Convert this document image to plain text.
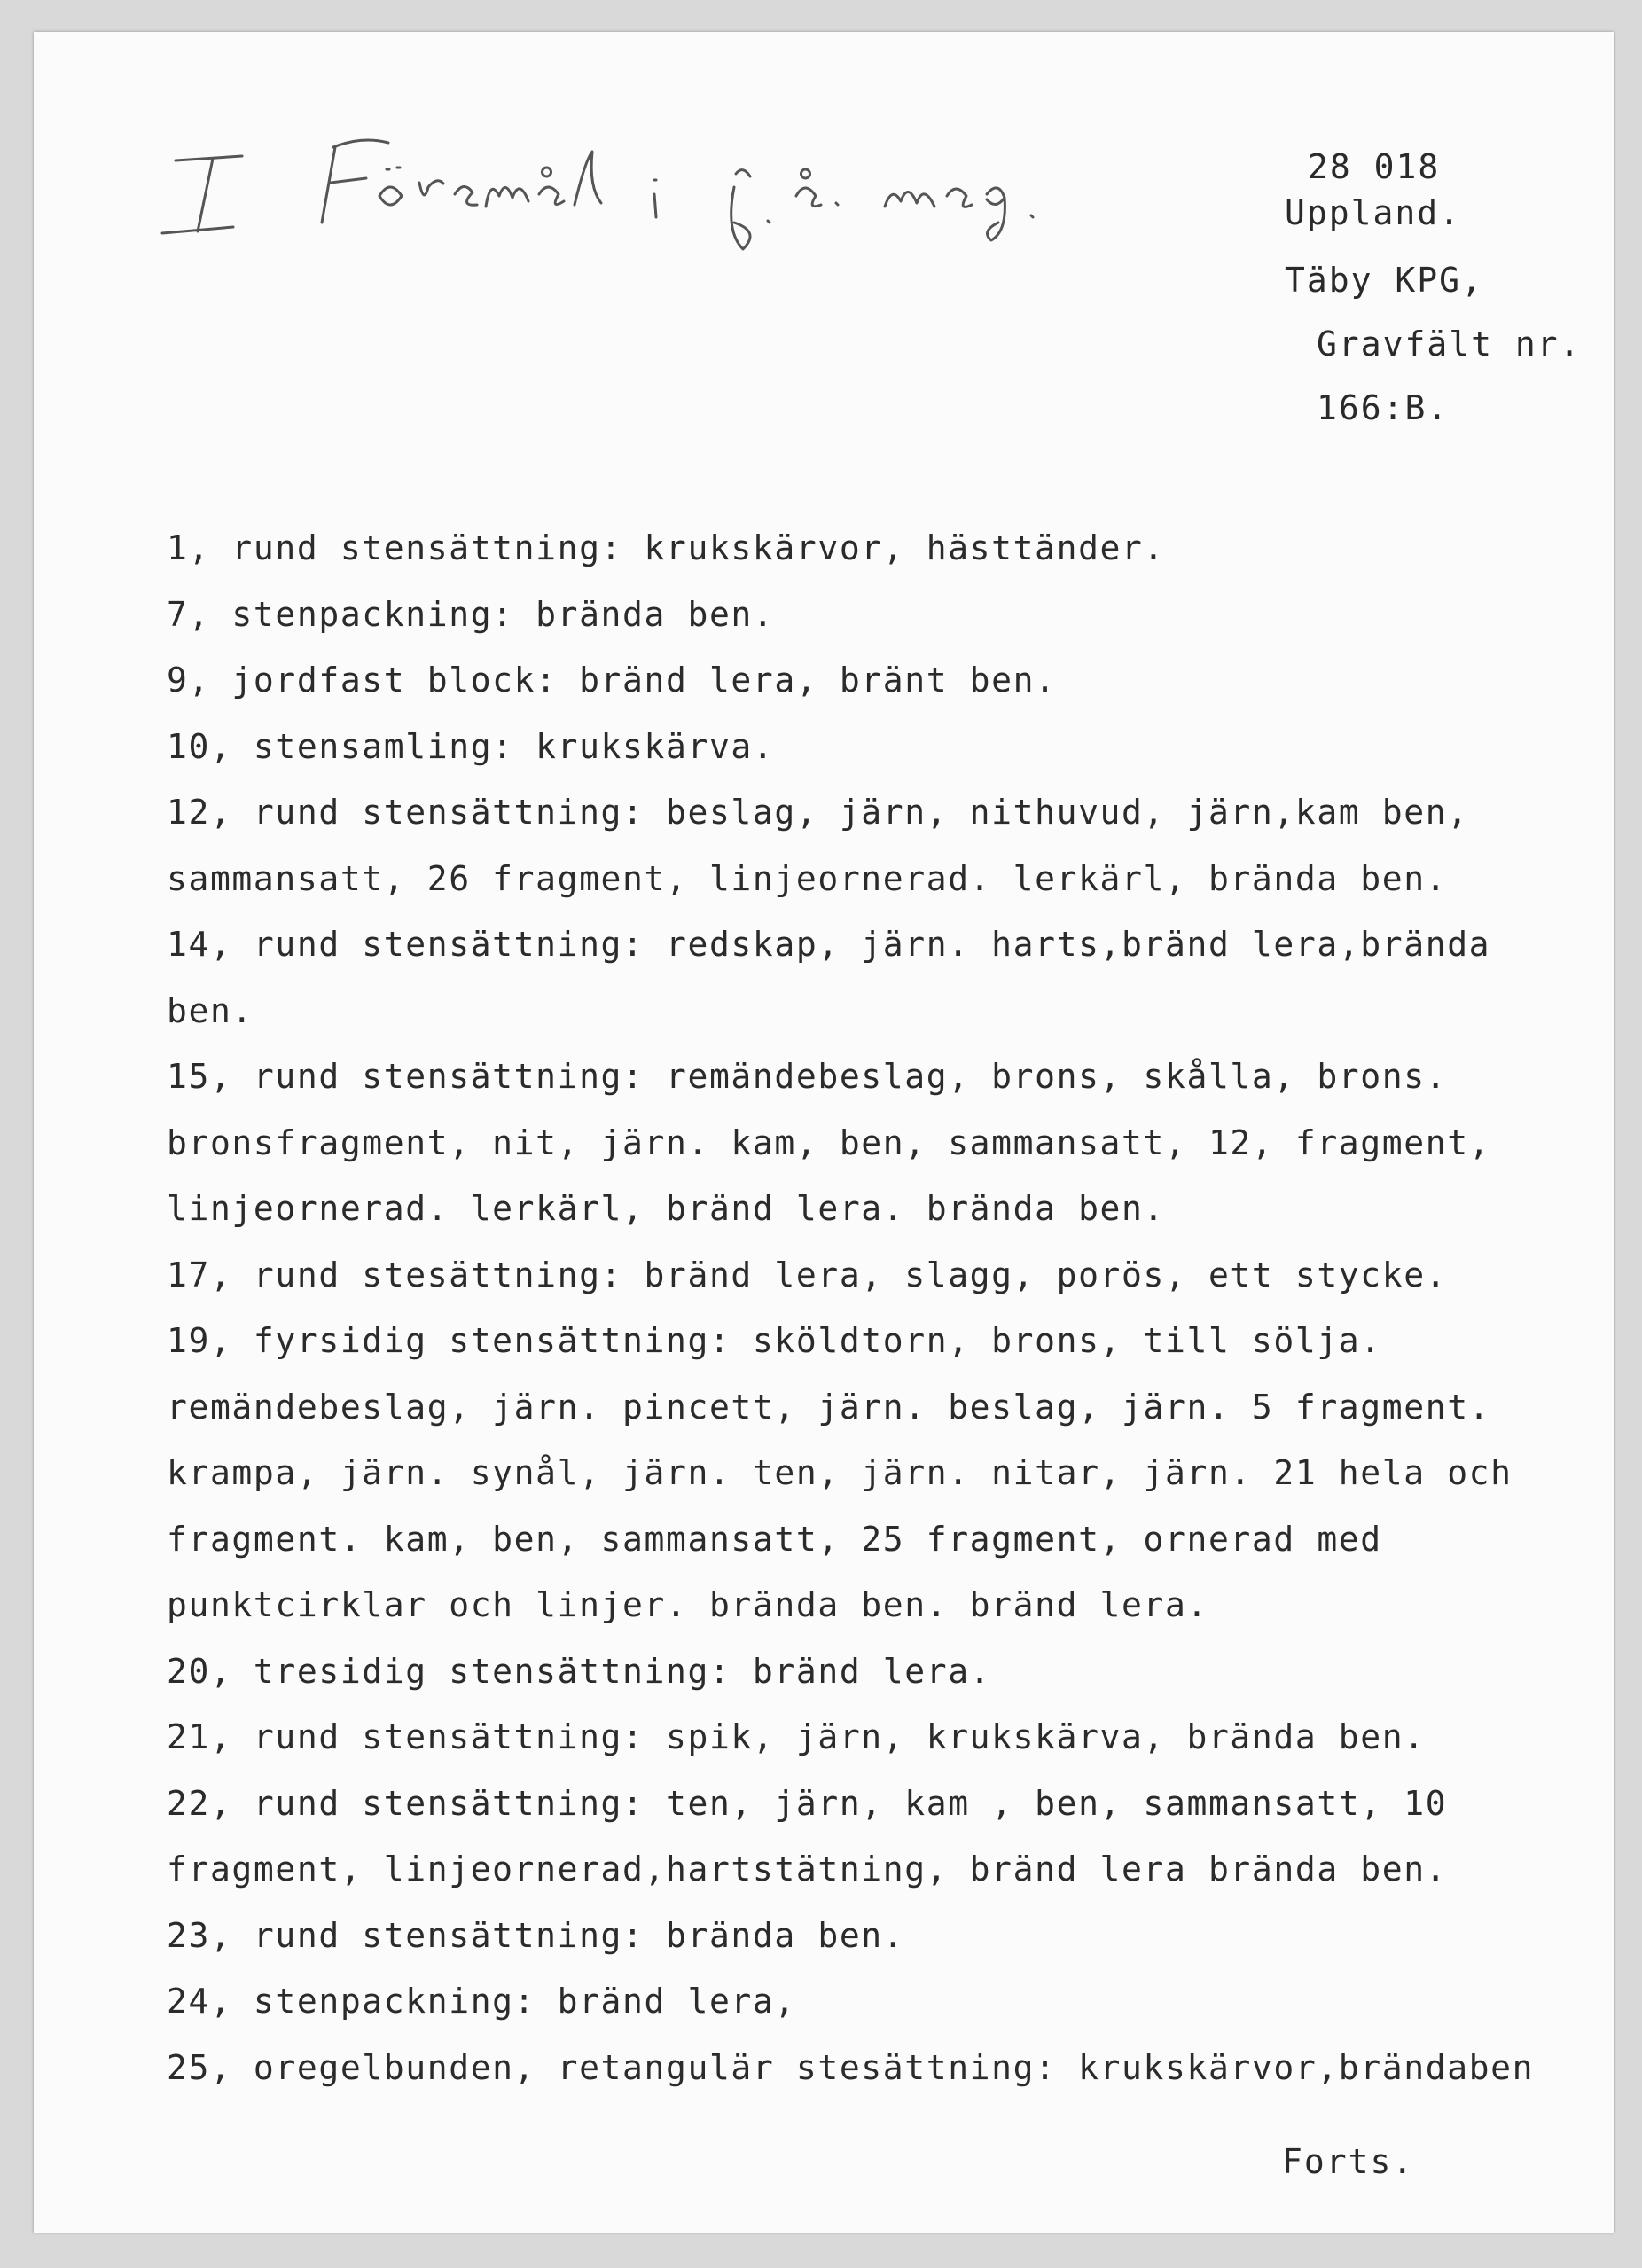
28 018
Uppland.
Täby KPG,
Gravfält nr.
166:B.
1, rund stensättning: krukskärvor, hästtänder.
7, stenpackning: brända ben.
9, jordfast block: bränd lera, bränt ben.
10, stensamling: krukskärva.
12, rund stensättning: beslag, järn, nithuvud, järn,kam ben,
sammansatt, 26 fragment, linjeornerad. lerkärl, brända ben.
14, rund stensättning: redskap, järn. harts,bränd lera,brända
ben.
15, rund stensättning: remändebeslag, brons, skålla, brons.
bronsfragment, nit, järn. kam, ben, sammansatt, 12, fragment,
linjeornerad. lerkärl, bränd lera. brända ben.
17, rund stesättning: bränd lera, slagg, porös, ett stycke.
19, fyrsidig stensättning: sköldtorn, brons, till sölja.
remändebeslag, järn. pincett, järn. beslag, järn. 5 fragment.
krampa, järn. synål, järn. ten, järn. nitar, järn. 21 hela och
fragment. kam, ben, sammansatt, 25 fragment, ornerad med
punktcirklar och linjer. brända ben. bränd lera.
20, tresidig stensättning: bränd lera.
21, rund stensättning: spik, järn, krukskärva, brända ben.
22, rund stensättning: ten, järn, kam , ben, sammansatt, 10
fragment, linjeornerad,hartstätning, bränd lera brända ben.
23, rund stensättning: brända ben.
24, stenpackning: bränd lera,
25, oregelbunden, retangulär stesättning: krukskärvor,brändaben
Forts.
